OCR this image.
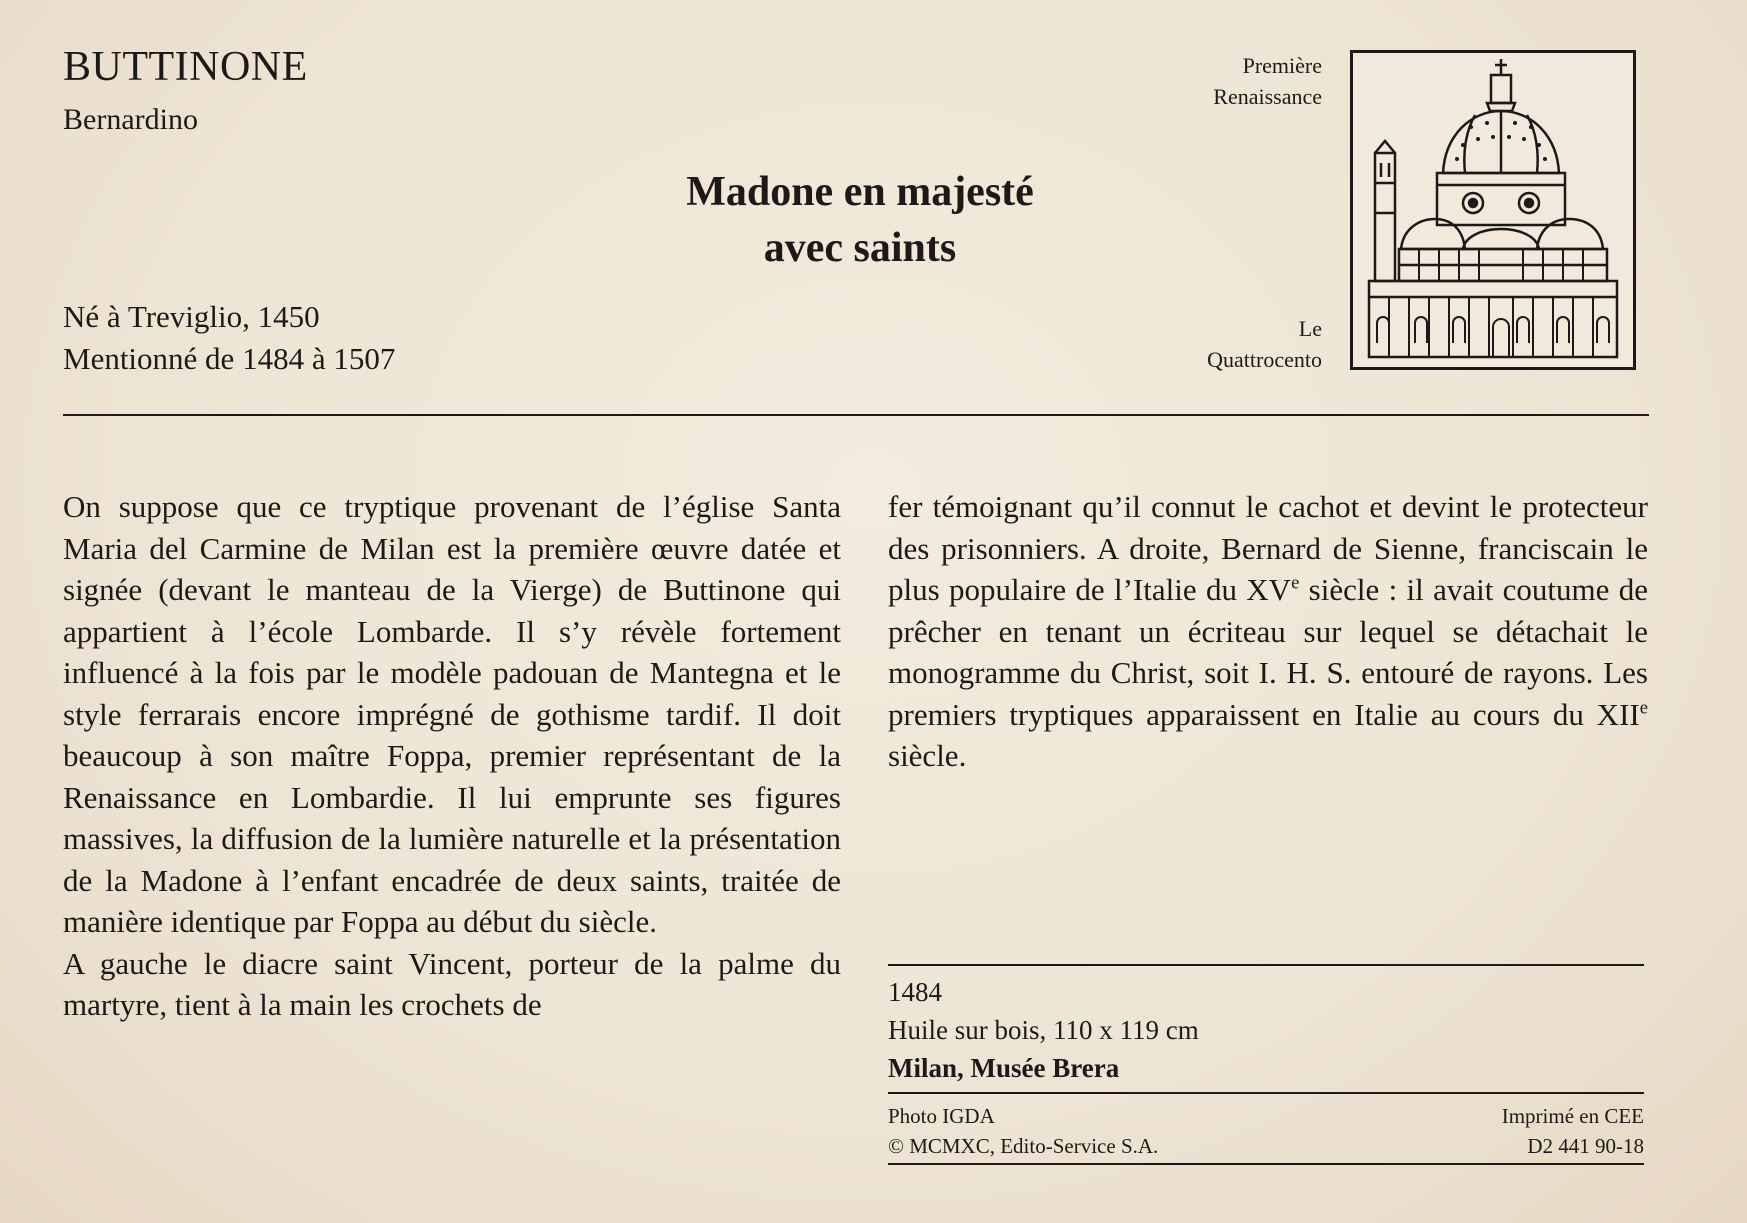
BUTTINONE
Bernardino
Madone en majesté
avec saints
Né à Treviglio, 1450
Mentionné de 1484 à 1507
Première
Renaissance
Le
Quattrocento

On suppose que ce tryptique provenant de l’église Santa Maria del Carmine de Milan est la première œuvre datée et signée (devant le manteau de la Vierge) de Buttinone qui appartient à l’école Lombarde. Il s’y révèle fortement influencé à la fois par le modèle padouan de Mantegna et le style ferrarais encore imprégné de gothisme tardif. Il doit beaucoup à son maître Foppa, premier représentant de la Renaissance en Lombardie. Il lui emprunte ses figures massives, la diffusion de la lumière naturelle et la présentation de la Madone à l’enfant encadrée de deux saints, traitée de manière identique par Foppa au début du siècle.

A gauche le diacre saint Vincent, porteur de la palme du martyre, tient à la main les crochets de

fer témoignant qu’il connut le cachot et devint le protecteur des prisonniers. A droite, Bernard de Sienne, franciscain le plus populaire de l’Italie du XVe siècle : il avait coutume de prêcher en tenant un écriteau sur lequel se détachait le monogramme du Christ, soit I. H. S. entouré de rayons. Les premiers tryptiques apparaissent en Italie au cours du XIIe siècle.

1484
Huile sur bois, 110 x 119 cm
Milan, Musée Brera
Photo IGDA
© MCMXC, Edito-Service S.A.
Imprimé en CEE
D2 441 90-18
